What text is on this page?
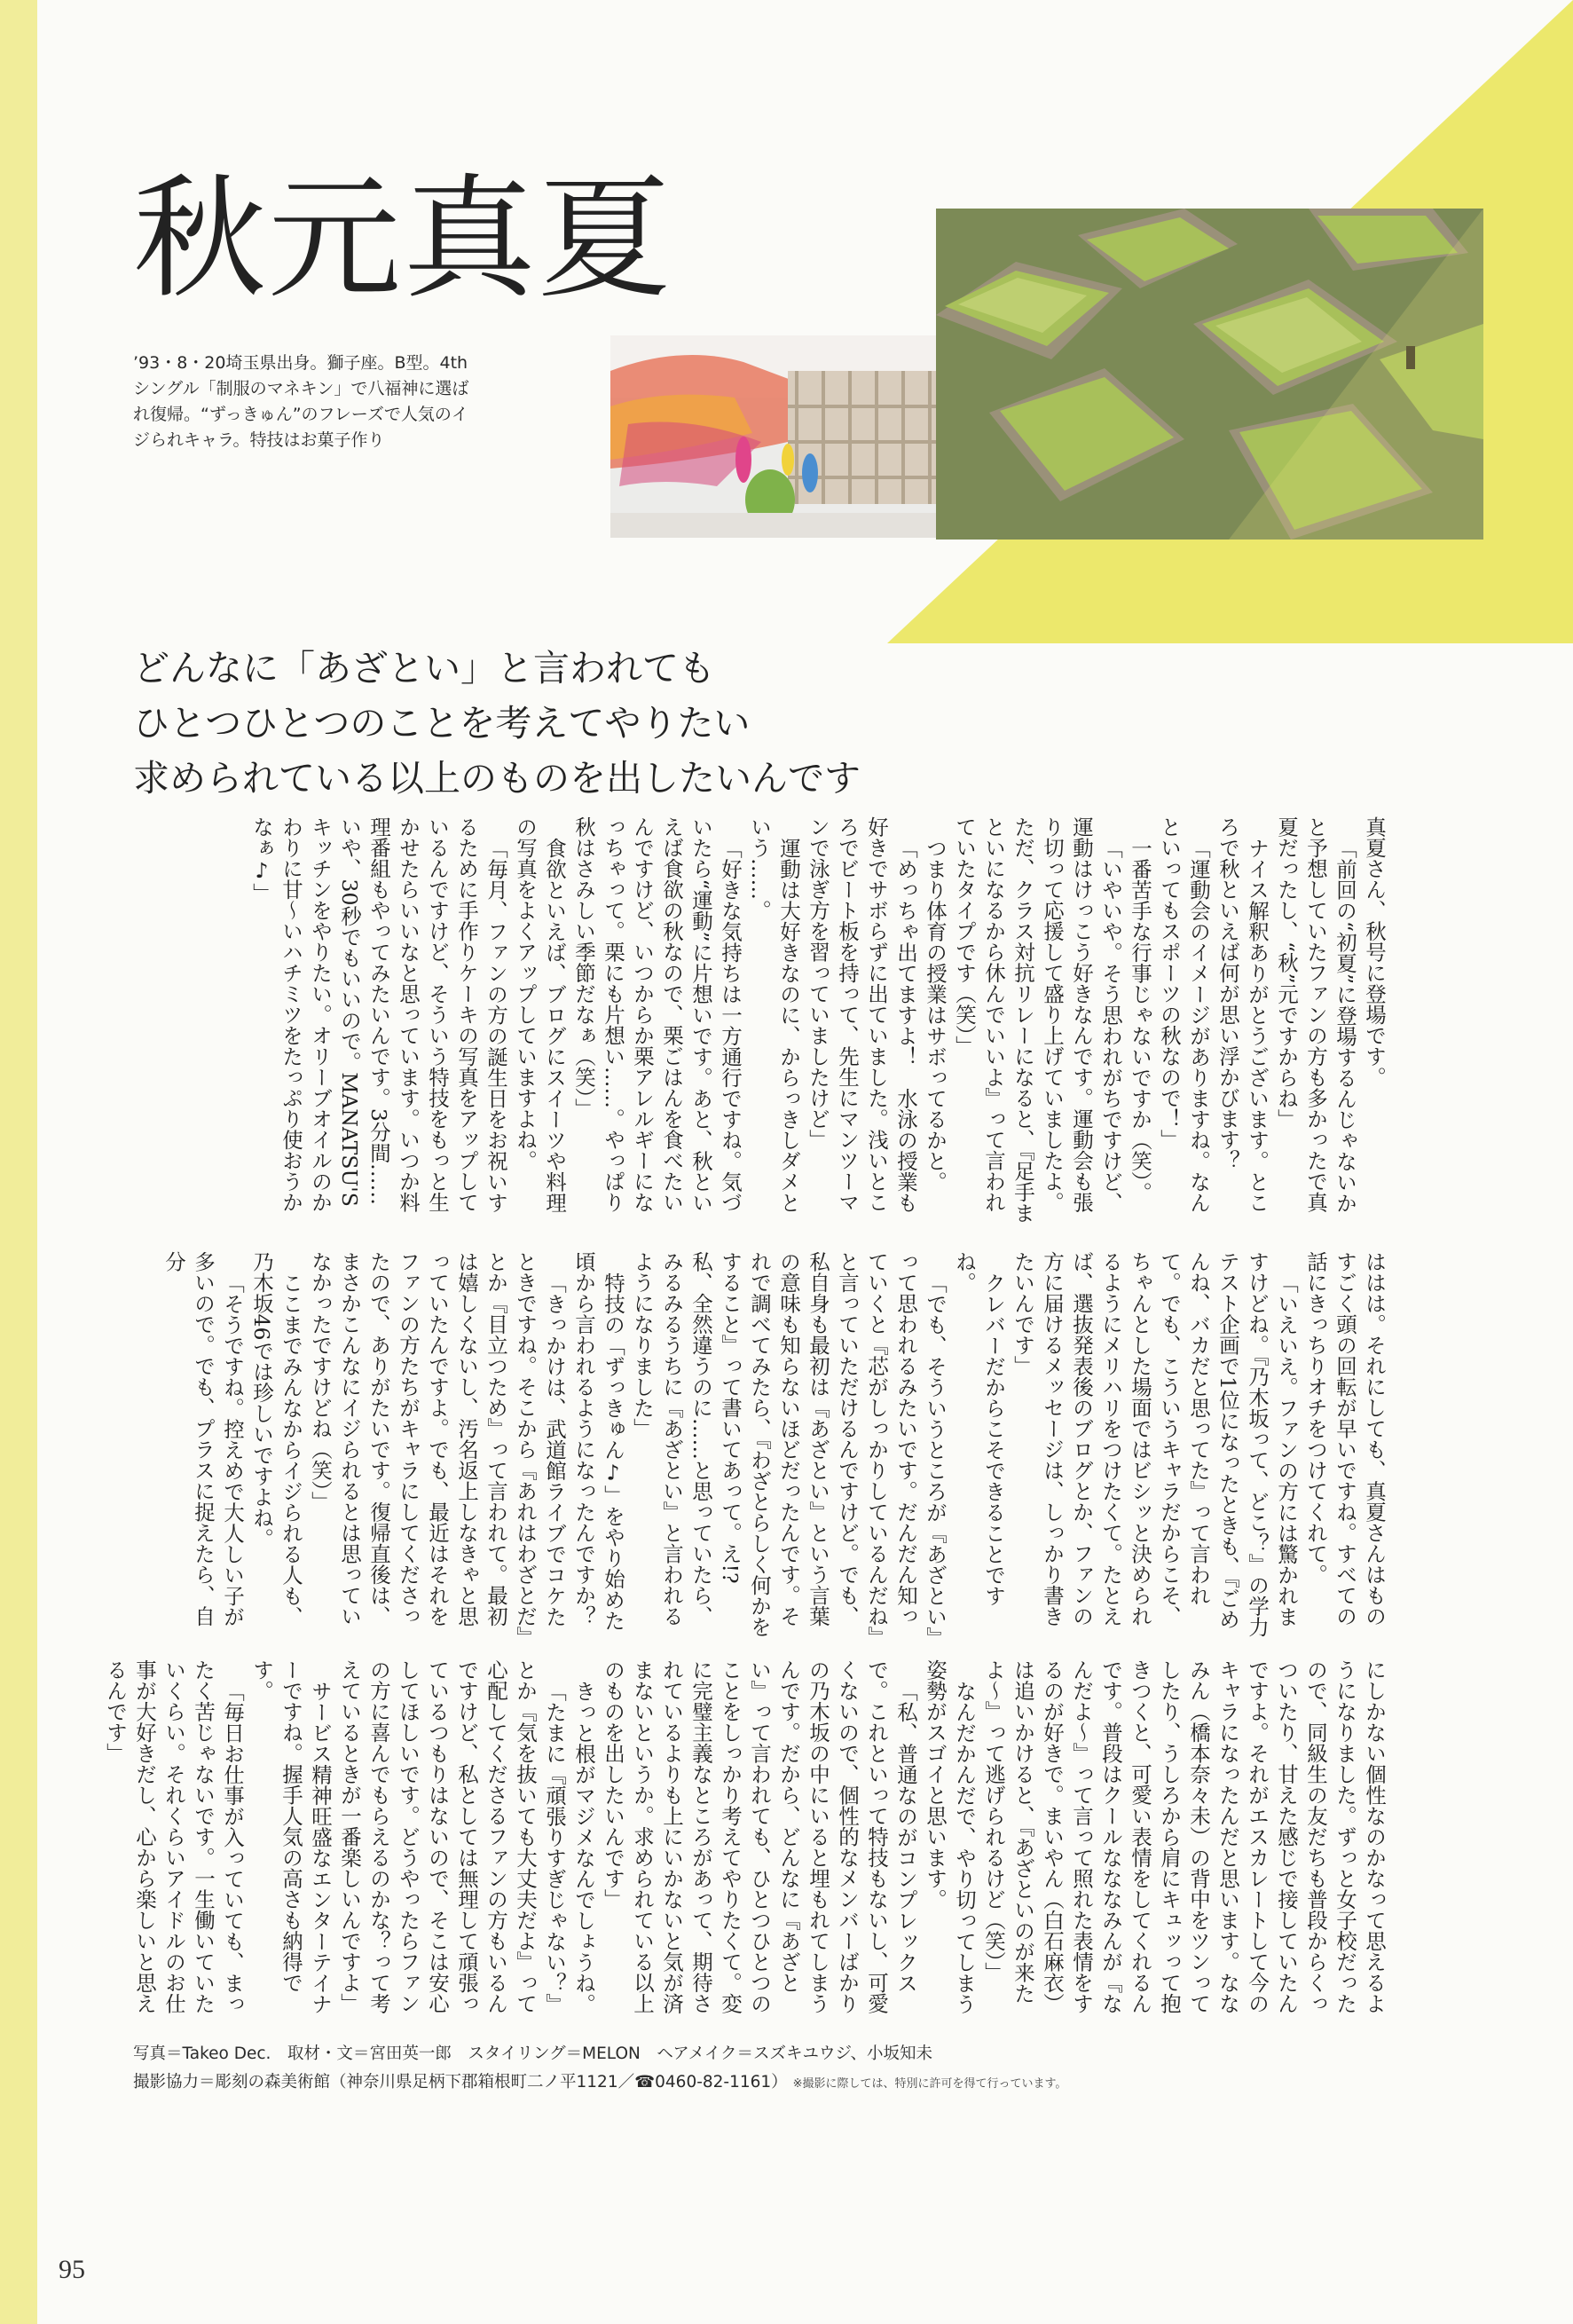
秋元真夏
’93・8・20埼玉県出身。獅子座。B型。4thシングル「制服のマネキン」で八福神に選ばれ復帰。“ずっきゅん”のフレーズで人気のイジられキャラ。特技はお菓子作り
どんなに「あざとい」と言われても
ひとつひとつのことを考えてやりたい
求められている以上のものを出したいんです

真夏さん、秋号に登場です。

「前回の“初夏”に登場するんじゃないかと予想していたファンの方も多かったで真夏だったし、“秋”元ですからね」

ナイス解釈ありがとうございます。ところで秋といえば何が思い浮かびます？

「運動会のイメージがありますね。なんといってもスポーツの秋なので！」

一番苦手な行事じゃないですか（笑）。

「いやいや。そう思われがちですけど、運動はけっこう好きなんです。運動会も張り切って応援して盛り上げていましたよ。ただ、クラス対抗リレーになると、『足手まといになるから休んでいいよ』って言われていたタイプです（笑）」

つまり体育の授業はサボってるかと。

「めっちゃ出てますよ！　水泳の授業も好きでサボらずに出ていました。浅いところでビート板を持って、先生にマンツーマンで泳ぎ方を習っていましたけど」

運動は大好きなのに、からっきしダメという……。

「好きな気持ちは一方通行ですね。気づいたら“運動”に片想いです。あと、秋といえば食欲の秋なので、栗ごはんを食べたいんですけど、いつからか栗アレルギーになっちゃって。栗にも片想い……。やっぱり秋はさみしい季節だなぁ（笑）」

食欲といえば、ブログにスイーツや料理の写真をよくアップしていますよね。

「毎月、ファンの方の誕生日をお祝いするために手作りケーキの写真をアップしているんですけど、そういう特技をもっと生かせたらいいなと思っています。いつか料理番組もやってみたいんです。3分間……いや、30秒でもいいので。MANATSU'Sキッチンをやりたい。オリーブオイルのかわりに甘～いハチミツをたっぷり使おうかなぁ♪」

ははは。それにしても、真夏さんはものすごく頭の回転が早いですね。すべての話にきっちりオチをつけてくれて。

「いえいえ。ファンの方には驚かれますけどね。『乃木坂って、どこ？』の学力テスト企画で1位になったときも、『ごめんね、バカだと思ってた』って言われて。でも、こういうキャラだからこそ、ちゃんとした場面ではビシッと決められるようにメリハリをつけたくて。たとえば、選抜発表後のブログとか、ファンの方に届けるメッセージは、しっかり書きたいんです」

クレバーだからこそできることですね。

「でも、そういうところが『あざとい』って思われるみたいです。だんだん知っていくと『芯がしっかりしているんだね』と言っていただけるんですけど。でも、私自身も最初は『あざとい』という言葉の意味も知らないほどだったんです。それで調べてみたら、『わざとらしく何かをすること』って書いてあって。え!?　私、全然違うのに……と思っていたら、みるみるうちに『あざとい』と言われるようになりました」

特技の「ずっきゅん♪」をやり始めた頃から言われるようになったんですか？

「きっかけは、武道館ライブでコケたときですね。そこから『あれはわざとだ』とか『目立つため』って言われて。最初は嬉しくないし、汚名返上しなきゃと思っていたんですよ。でも、最近はそれをファンの方たちがキャラにしてくださったので、ありがたいです。復帰直後は、まさかこんなにイジられるとは思っていなかったですけどね（笑）」

ここまでみんなからイジられる人も、乃木坂46では珍しいですよね。

「そうですね。控えめで大人しい子が多いので。でも、プラスに捉えたら、自分

にしかない個性なのかなって思えるようになりました。ずっと女子校だったので、同級生の友だちも普段からくっついたり、甘えた感じで接していたんですよ。それがエスカレートして今のキャラになったんだと思います。ななみん（橋本奈々未）の背中をツンってしたり、うしろから肩にキュッって抱きつくと、可愛い表情をしてくれるんです。普段はクールなななみんが『なんだよ～』って言って照れた表情をするのが好きで。まいやん（白石麻衣）は追いかけると、『あざといのが来たよ～』って逃げられるけど（笑）」

なんだかんだで、やり切ってしまう姿勢がスゴイと思います。

「私、普通なのがコンプレックスで。これといって特技もないし、可愛くないので、個性的なメンバーばかりの乃木坂の中にいると埋もれてしまうんです。だから、どんなに『あざとい』って言われても、ひとつひとつのことをしっかり考えてやりたくて。変に完璧主義なところがあって、期待されているよりも上にいかないと気が済まないというか。求められている以上のものを出したいんです」

きっと根がマジメなんでしょうね。

「たまに『頑張りすぎじゃない？』とか『気を抜いても大丈夫だよ』って心配してくださるファンの方もいるんですけど、私としては無理して頑張っているつもりはないので、そこは安心してほしいです。どうやったらファンの方に喜んでもらえるのかな？って考えているときが一番楽しいんですよ」

サービス精神旺盛なエンターテイナーですね。握手人気の高さも納得です。

「毎日お仕事が入っていても、まったく苦じゃないです。一生働いていたいくらい。それくらいアイドルのお仕事が大好きだし、心から楽しいと思えるんです」

写真＝Takeo Dec.　取材・文＝宮田英一郎　スタイリング＝MELON　ヘアメイク＝スズキユウジ、小坂知未
撮影協力＝彫刻の森美術館（神奈川県足柄下郡箱根町二ノ平1121／☎0460-82-1161） ※撮影に際しては、特別に許可を得て行っています。
95
